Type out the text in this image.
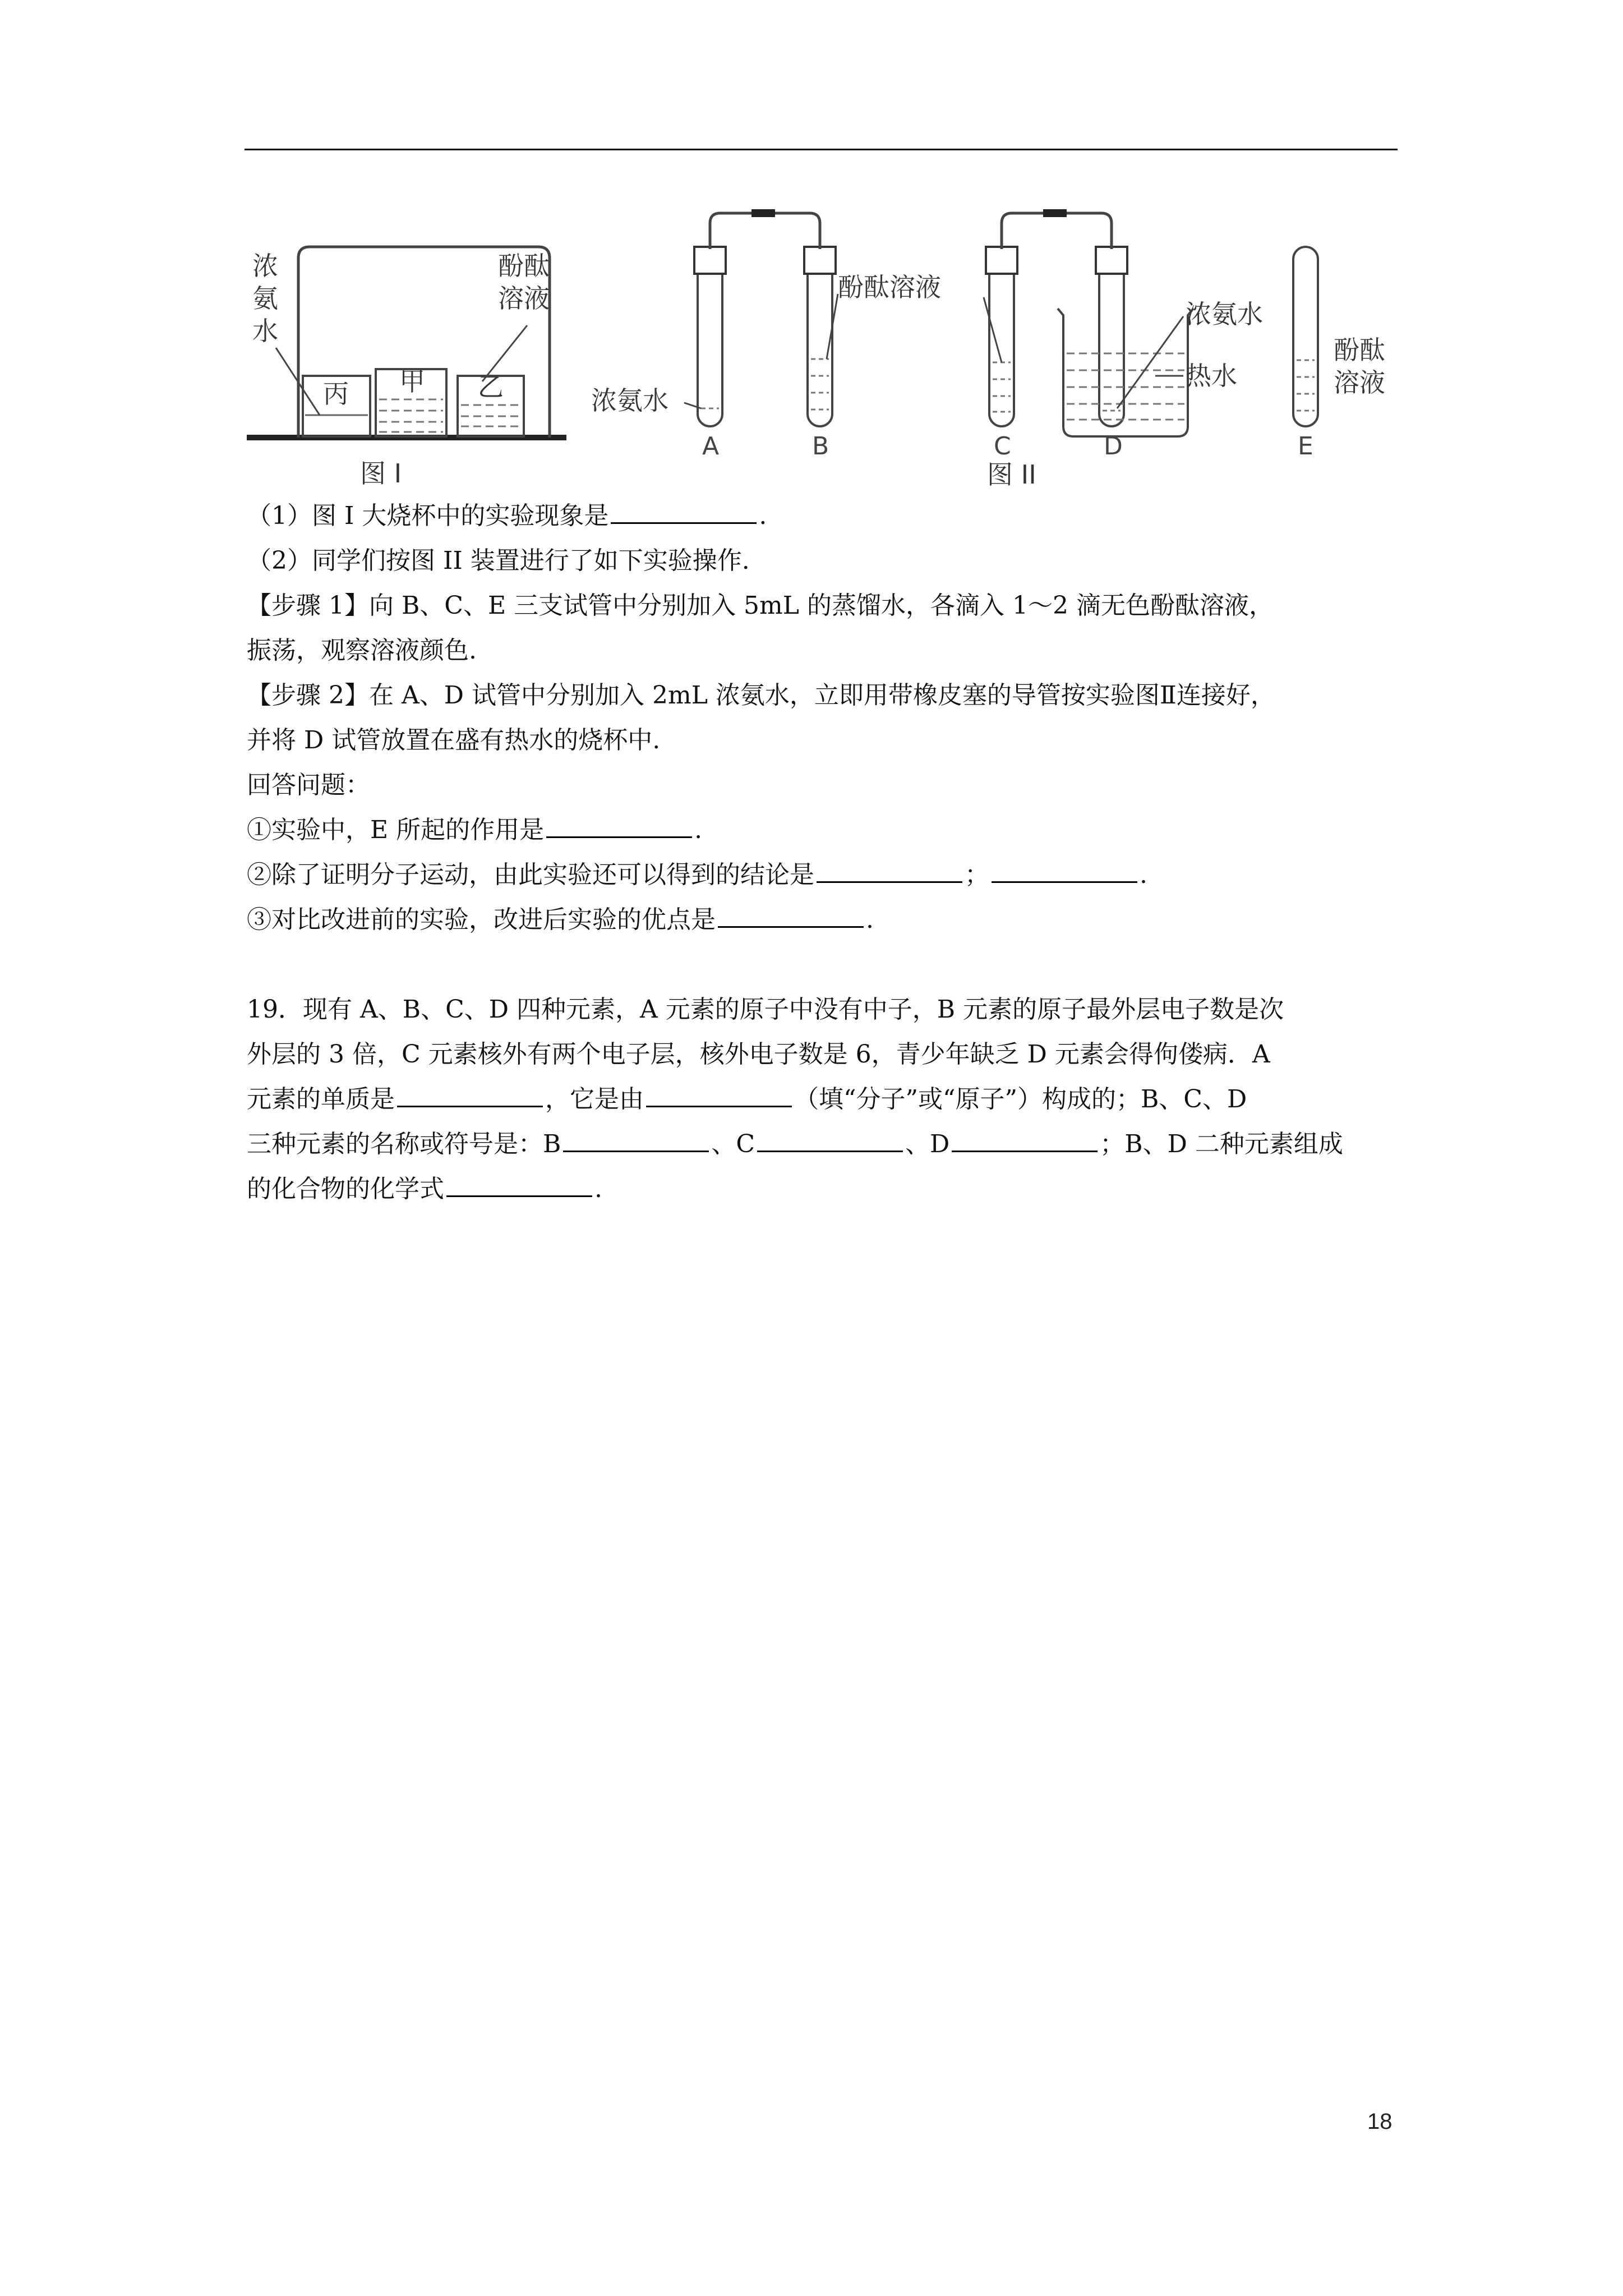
浓
氨
水
酚酞
溶液
丙 甲 乙
图 I
酚酞溶液
浓氨水
浓氨水
热水
酚酞
溶液
A	B	C	D	E
图 II
（1）图 I 大烧杯中的实验现象是	.
（2）同学们按图 II 装置进行了如下实验操作.
【步骤 1】向 B、C、E 三支试管中分别加入 5mL 的蒸馏水，各滴入 1～2 滴无色酚酞溶液，
振荡，观察溶液颜色.
【步骤 2】在 A、D 试管中分别加入 2mL 浓氨水，立即用带橡皮塞的导管按实验图Ⅱ连接好，
并将 D 试管放置在盛有热水的烧杯中.
回答问题：
①实验中，E 所起的作用是	.
②除了证明分子运动，由此实验还可以得到的结论是	；	.
③对比改进前的实验，改进后实验的优点是	.
19．现有 A、B、C、D 四种元素，A 元素的原子中没有中子，B 元素的原子最外层电子数是次
外层的 3 倍，C 元素核外有两个电子层，核外电子数是 6，青少年缺乏 D 元素会得佝偻病．A
元素的单质是	，它是由	（填“分子”或“原子”）构成的；B、C、D
三种元素的名称或符号是：B	、C	、D	；B、D 二种元素组成
的化合物的化学式	.
18
